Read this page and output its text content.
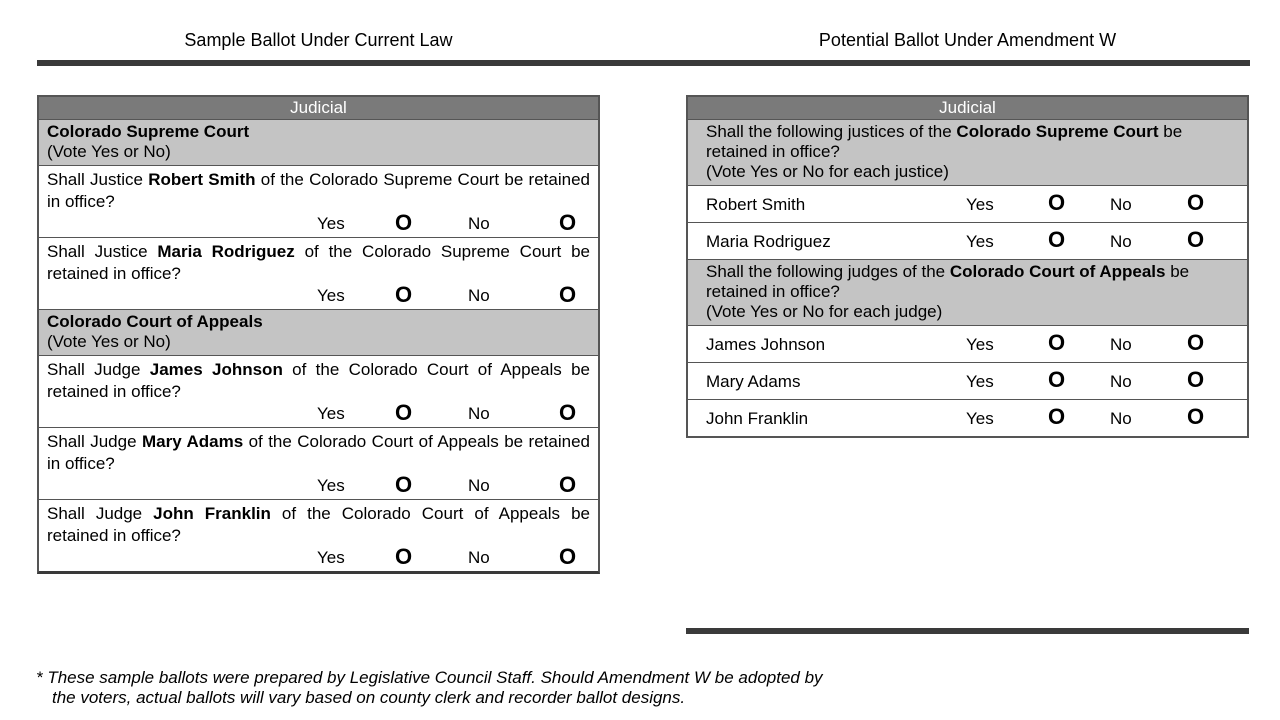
Sample Ballot Under Current Law	Potential Ballot Under Amendment W
Judicial
Colorado Supreme Court
(Vote Yes or No)
Shall Justice Robert Smith of the Colorado Supreme Court be retained in office?
Yes O	No	O
Shall Justice Maria Rodriguez of the Colorado Supreme Court be retained in office?
Yes O	No	O
Colorado Court of Appeals
(Vote Yes or No)
Shall Judge James Johnson of the Colorado Court of Appeals be retained in office?
Yes O	No	O
Shall Judge Mary Adams of the Colorado Court of Appeals be retained in office?
Yes O	No	O
Shall Judge John Franklin of the Colorado Court of Appeals be retained in office?
Yes O	No	O
Judicial
Shall the following justices of the Colorado Supreme Court be retained in office?
(Vote Yes or No for each justice)
Robert Smith	Yes O	No	O
Maria Rodriguez	Yes O	No	O
Shall the following judges of the Colorado Court of Appeals be retained in office?
(Vote Yes or No for each judge)
James Johnson	Yes O	No	O
Mary Adams	Yes O	No	O
John Franklin	Yes O	No	O
* These sample ballots were prepared by Legislative Council Staff. Should Amendment W be adopted by
the voters, actual ballots will vary based on county clerk and recorder ballot designs.
